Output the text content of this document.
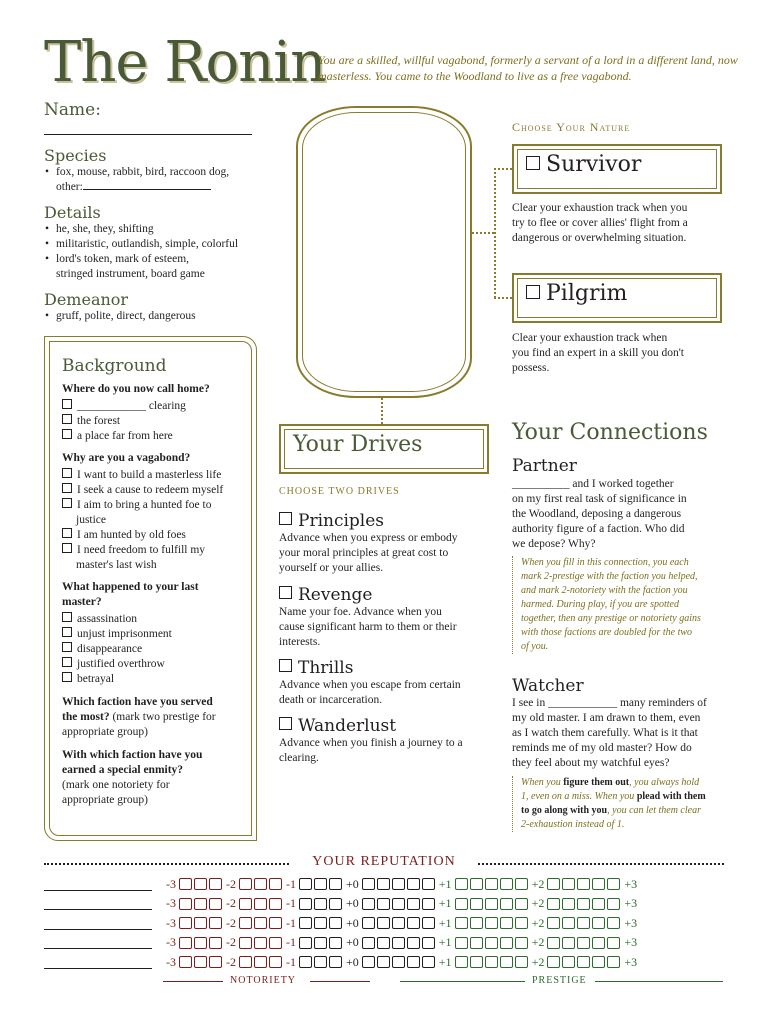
The Ronin
You are a skilled, willful vagabond, formerly a servant of a lord in a different land, now masterless. You came to the Woodland to live as a free vagabond.
Name:
Species
• fox, mouse, rabbit, bird, raccoon dog,
other:
Details
• he, she, they, shifting
• militaristic, outlandish, simple, colorful
• lord's token, mark of esteem,
stringed instrument, board game
Demeanor
• gruff, polite, direct, dangerous
Background
Where do you now call home?
____________ clearing
the forest
a place far from here
Why are you a vagabond?
I want to build a masterless life
I seek a cause to redeem myself
I aim to bring a hunted foe to
justice
I am hunted by old foes
I need freedom to fulfill my
master's last wish
What happened to your last
master?
assassination
unjust imprisonment
disappearance
justified overthrow
betrayal
Which faction have you served
the most? (mark two prestige for
appropriate group)
With which faction have you
earned a special enmity?
(mark one notoriety for
appropriate group)
Choose Your Nature
Survivor
Clear your exhaustion track when you
try to flee or cover allies' flight from a
dangerous or overwhelming situation.
Pilgrim
Clear your exhaustion track when
you find an expert in a skill you don't
possess.
Your Drives
CHOOSE TWO DRIVES
Principles
Advance when you express or embody
your moral principles at great cost to
yourself or your allies.
Revenge
Name your foe. Advance when you
cause significant harm to them or their
interests.
Thrills
Advance when you escape from certain
death or incarceration.
Wanderlust
Advance when you finish a journey to a
clearing.
Your Connections
Partner
__________ and I worked together
on my first real task of significance in
the Woodland, deposing a dangerous
authority figure of a faction. Who did
we depose? Why?
When you fill in this connection, you each
mark 2-prestige with the faction you helped,
and mark 2-notoriety with the faction you
harmed. During play, if you are spotted
together, then any prestige or notoriety gains
with those factions are doubled for the two
of you.
Watcher
I see in ____________ many reminders of
my old master. I am drawn to them, even
as I watch them carefully. What is it that
reminds me of my old master? How do
they feel about my watchful eyes?
When you figure them out, you always hold
1, even on a miss. When you plead with them
to go along with you, you can let them clear
2-exhaustion instead of 1.
YOUR REPUTATION
-3	-2	-1	+0	+1	+2	+3
-3	-2	-1	+0	+1	+2	+3
-3	-2	-1	+0	+1	+2	+3
-3	-2	-1	+0	+1	+2	+3
-3	-2	-1	+0	+1	+2	+3
NOTORIETY	PRESTIGE
